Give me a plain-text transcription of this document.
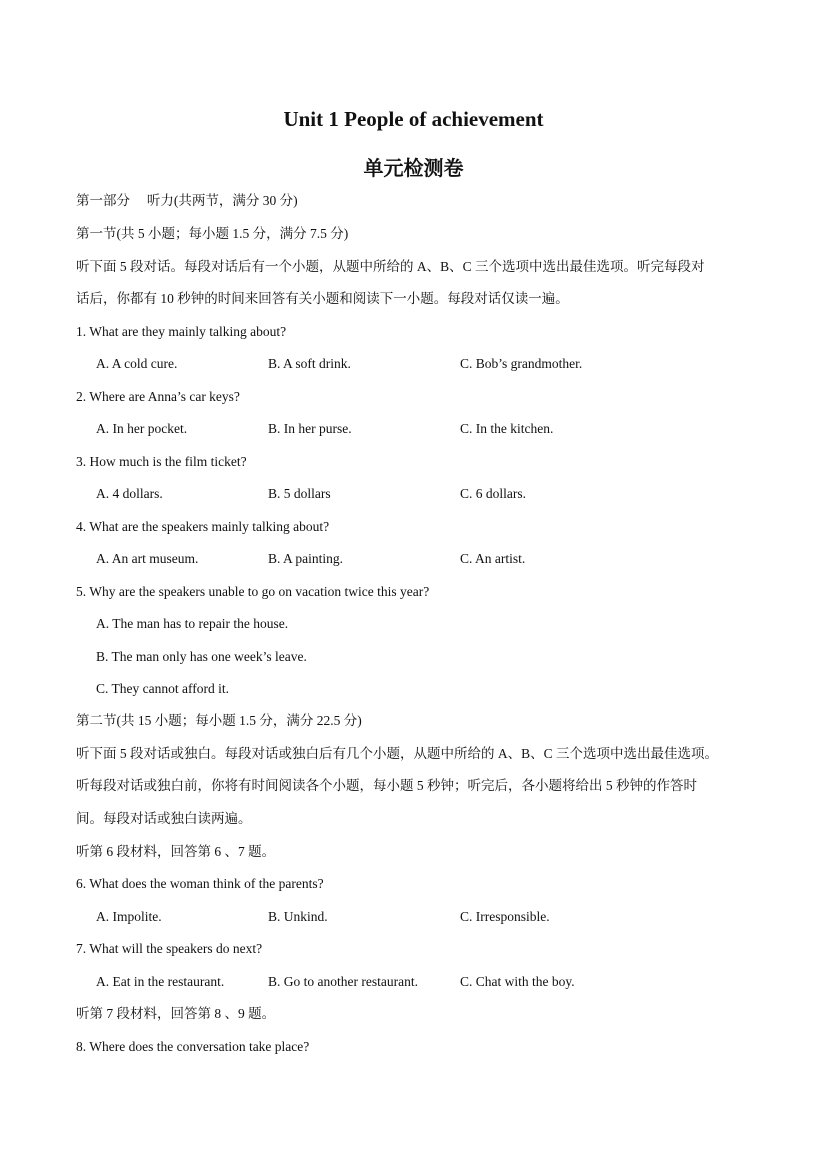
Unit 1 People of achievement
单元检测卷
第一部分　 听力(共两节，满分 30 分)
第一节(共 5 小题；每小题 1.5 分，满分 7.5 分)
听下面 5 段对话。每段对话后有一个小题，从题中所给的 A、B、C 三个选项中选出最佳选项。听完每段对
话后，你都有 10 秒钟的时间来回答有关小题和阅读下一小题。每段对话仅读一遍。
1. What are they mainly talking about?
A. A cold cure.	B. A soft drink.	C. Bob’s grandmother.
2. Where are Anna’s car keys?
A. In her pocket.	B. In her purse.	C. In the kitchen.
3. How much is the film ticket?
A. 4 dollars.	B. 5 dollars	C. 6 dollars.
4. What are the speakers mainly talking about?
A. An art museum.	B. A painting.	C. An artist.
5. Why are the speakers unable to go on vacation twice this year?
A. The man has to repair the house.
B. The man only has one week’s leave.
C. They cannot afford it.
第二节(共 15 小题；每小题 1.5 分，满分 22.5 分)
听下面 5 段对话或独白。每段对话或独白后有几个小题，从题中所给的 A、B、C 三个选项中选出最佳选项。
听每段对话或独白前，你将有时间阅读各个小题，每小题 5 秒钟；听完后，各小题将给出 5 秒钟的作答时
间。每段对话或独白读两遍。
听第 6 段材料，回答第 6 、7 题。
6. What does the woman think of the parents?
A. Impolite.	B. Unkind.	C. Irresponsible.
7. What will the speakers do next?
A. Eat in the restaurant.	B. Go to another restaurant.	C. Chat with the boy.
听第 7 段材料，回答第 8 、9 题。
8. Where does the conversation take place?
